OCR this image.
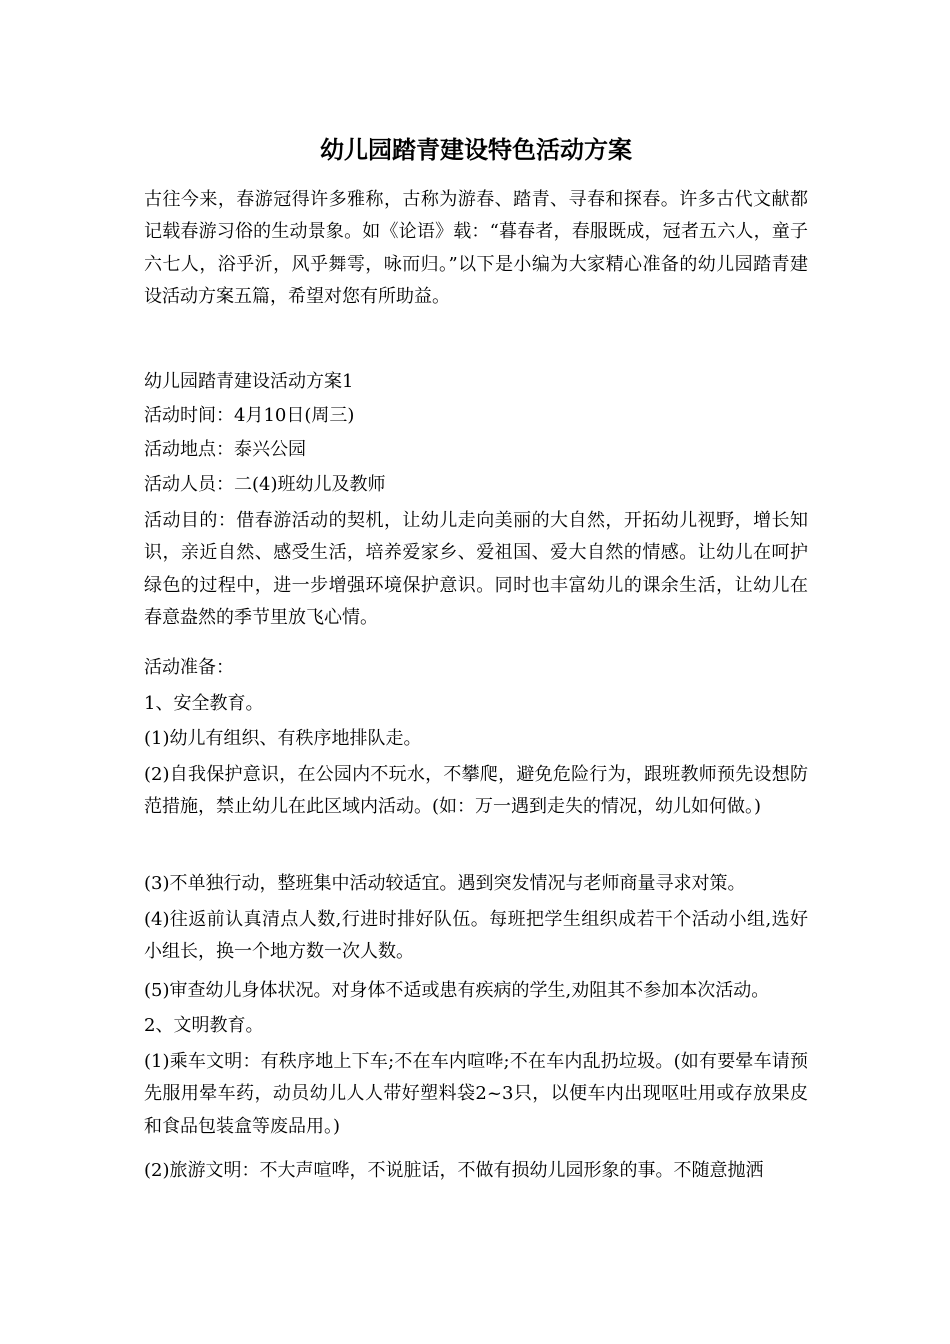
幼儿园踏青建设特色活动方案

古往今来，春游冠得许多雅称，古称为游春、踏青、寻春和探春。许多古代文献都记载春游习俗的生动景象。如《论语》载：“暮春者，春服既成，冠者五六人，童子六七人，浴乎沂，风乎舞雩，咏而归。”以下是小编为大家精心准备的幼儿园踏青建设活动方案五篇，希望对您有所助益。

幼儿园踏青建设活动方案1

活动时间：4月10日(周三)

活动地点：泰兴公园

活动人员：二(4)班幼儿及教师

活动目的：借春游活动的契机，让幼儿走向美丽的大自然，开拓幼儿视野，增长知识，亲近自然、感受生活，培养爱家乡、爱祖国、爱大自然的情感。让幼儿在呵护绿色的过程中，进一步增强环境保护意识。同时也丰富幼儿的课余生活，让幼儿在春意盎然的季节里放飞心情。

活动准备：

1、安全教育。

(1)幼儿有组织、有秩序地排队走。

(2)自我保护意识，在公园内不玩水，不攀爬，避免危险行为，跟班教师预先设想防范措施，禁止幼儿在此区域内活动。(如：万一遇到走失的情况，幼儿如何做。)

(3)不单独行动，整班集中活动较适宜。遇到突发情况与老师商量寻求对策。

(4)往返前认真清点人数,行进时排好队伍。每班把学生组织成若干个活动小组,选好小组长，换一个地方数一次人数。

(5)审查幼儿身体状况。对身体不适或患有疾病的学生,劝阻其不参加本次活动。

2、文明教育。

(1)乘车文明：有秩序地上下车;不在车内喧哗;不在车内乱扔垃圾。(如有要晕车请预先服用晕车药，动员幼儿人人带好塑料袋2~3只，以便车内出现呕吐用或存放果皮和食品包装盒等废品用。)

(2)旅游文明：不大声喧哗，不说脏话，不做有损幼儿园形象的事。不随意抛洒
